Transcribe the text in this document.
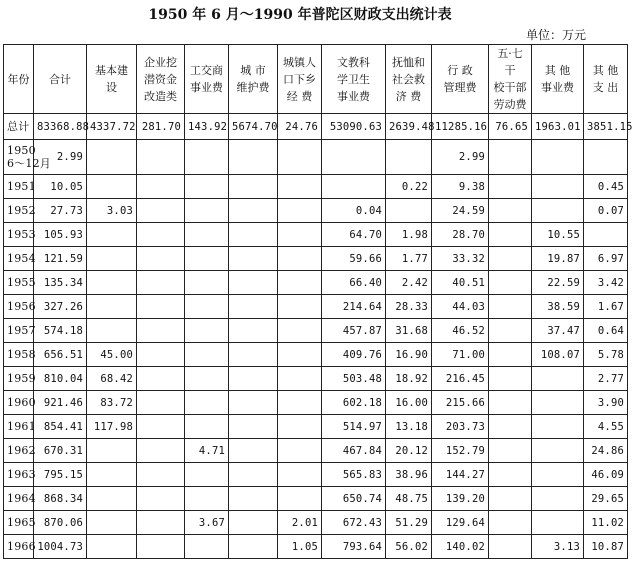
1950 年 6 月～1990 年普陀区财政支出统计表
单位：万元
年份	合计	基本建设	企业挖
潜资金
改造类	工交商
事业费	城 市
维护费	城镇人
口下乡
经 费	文教科
学卫生
事业费	抚恤和
社会救
济 费	行 政
管理费	五·七干
校干部
劳动费	其 他
事业费	其 他
支 出

总计	83368.88	4337.72	281.70	143.92	5674.70	24.76	53090.63	2639.48	11285.16	76.65	1963.01	3851.15

1950
6～12月	2.99								2.99			

1951	10.05							0.22	9.38			0.45

1952	27.73	3.03					0.04		24.59			0.07

1953	105.93						64.70	1.98	28.70		10.55	

1954	121.59						59.66	1.77	33.32		19.87	6.97

1955	135.34						66.40	2.42	40.51		22.59	3.42

1956	327.26						214.64	28.33	44.03		38.59	1.67

1957	574.18						457.87	31.68	46.52		37.47	0.64

1958	656.51	45.00					409.76	16.90	71.00		108.07	5.78

1959	810.04	68.42					503.48	18.92	216.45			2.77

1960	921.46	83.72					602.18	16.00	215.66			3.90

1961	854.41	117.98					514.97	13.18	203.73			4.55

1962	670.31			4.71			467.84	20.12	152.79			24.86

1963	795.15						565.83	38.96	144.27			46.09

1964	868.34						650.74	48.75	139.20			29.65

1965	870.06			3.67		2.01	672.43	51.29	129.64			11.02

1966	1004.73					1.05	793.64	56.02	140.02		3.13	10.87
